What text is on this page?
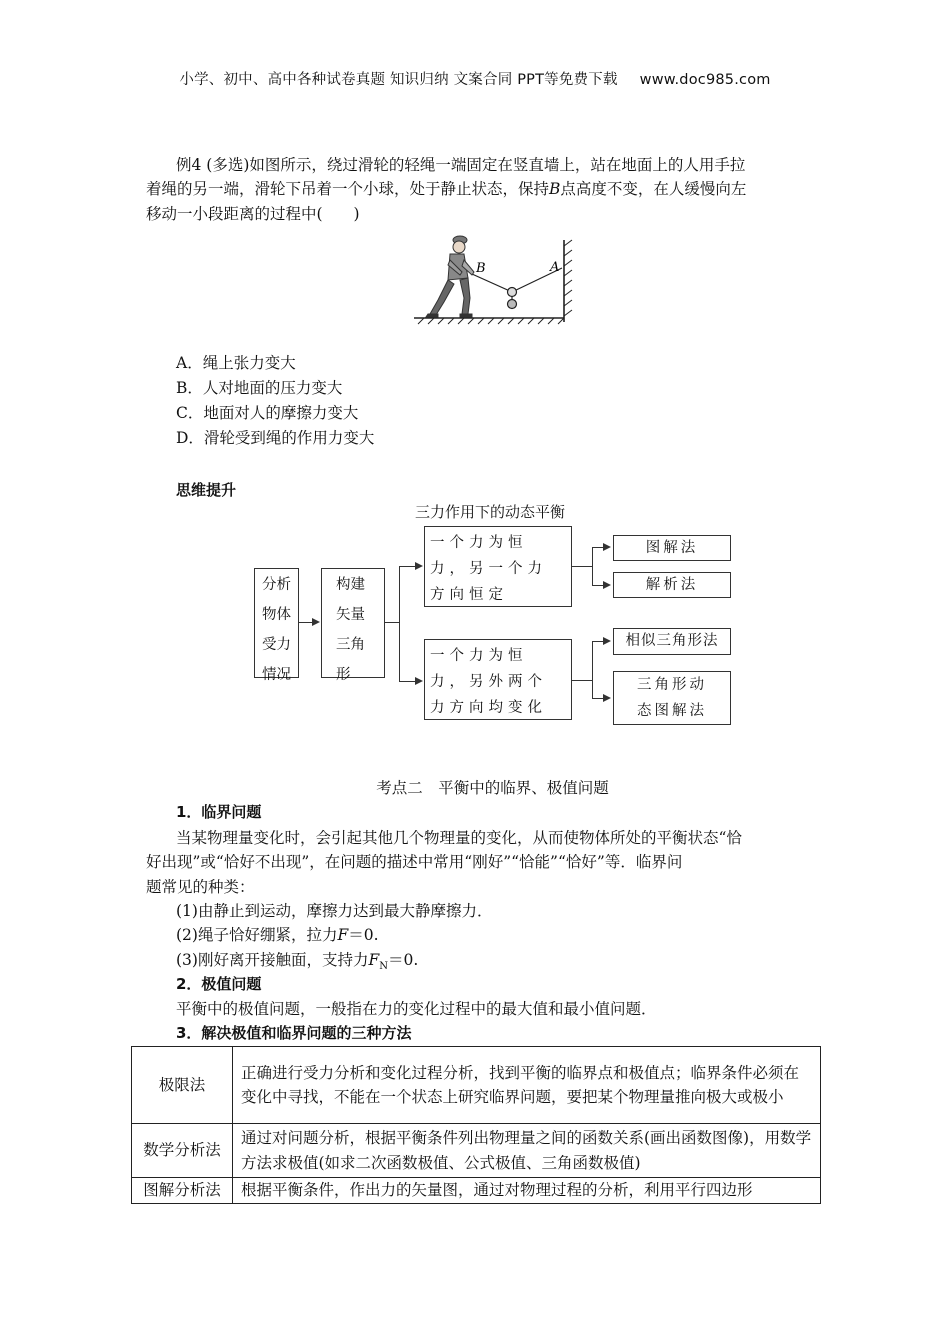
小学、初中、高中各种试卷真题 知识归纳 文案合同 PPT等免费下载 www.doc985.com
例4 (多选)如图所示，绕过滑轮的轻绳一端固定在竖直墙上，站在地面上的人用手拉
着绳的另一端，滑轮下吊着一个小球，处于静止状态，保持B点高度不变，在人缓慢向左
移动一小段距离的过程中(　　)
B	A
A．绳上张力变大
B．人对地面的压力变大
C．地面对人的摩擦力变大
D．滑轮受到绳的作用力变大
思维提升
三力作用下的动态平衡
分析物体受力情况
构建矢量三角形
一个力为恒力，另一个力方向恒定
一个力为恒力，另外两个力方向均变化
图解法
解析法
相似三角形法
三角形动态图解法
考点二　平衡中的临界、极值问题
1．临界问题
当某物理量变化时，会引起其他几个物理量的变化，从而使物体所处的平衡状态“恰
好出现”或“恰好不出现”，在问题的描述中常用“刚好”“恰能”“恰好”等．临界问
题常见的种类：
(1)由静止到运动，摩擦力达到最大静摩擦力．
(2)绳子恰好绷紧，拉力F＝0.
(3)刚好离开接触面，支持力$F_N=0$.
2．极值问题
平衡中的极值问题，一般指在力的变化过程中的最大值和最小值问题．
3．解决极值和临界问题的三种方法
极限法	正确进行受力分析和变化过程分析，找到平衡的临界点和极值点；临界条件必须在变化中寻找，不能在一个状态上研究临界问题，要把某个物理量推向极大或极小
数学分析法	通过对问题分析，根据平衡条件列出物理量之间的函数关系(画出函数图像)，用数学方法求极值(如求二次函数极值、公式极值、三角函数极值)
图解分析法	根据平衡条件，作出力的矢量图，通过对物理过程的分析，利用平行四边形
